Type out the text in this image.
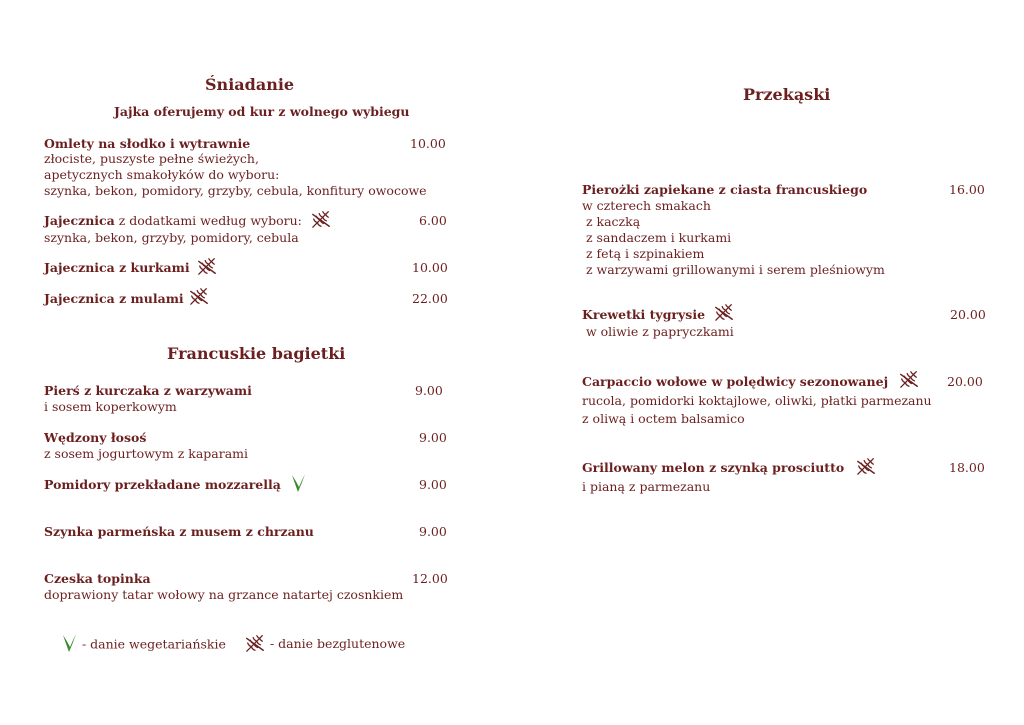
Śniadanie
Jajka oferujemy od kur z wolnego wybiegu
Omlety na słodko i wytrawnie	10.00
złociste, puszyste pełne świeżych,
apetycznych smakołyków do wyboru:
szynka, bekon, pomidory, grzyby, cebula, konfitury owocowe
Jajecznica z dodatkami według wyboru:	6.00
szynka, bekon, grzyby, pomidory, cebula
Jajecznica z kurkami	10.00
Jajecznica z mulami	22.00
Francuskie bagietki
Pierś z kurczaka z warzywami	9.00
i sosem koperkowym
Wędzony łosoś	9.00
z sosem jogurtowym z kaparami
Pomidory przekładane mozzarellą	9.00
Szynka parmeńska z musem z chrzanu	9.00
Czeska topinka	12.00
doprawiony tatar wołowy na grzance natartej czosnkiem
- danie wegetariańskie	- danie bezglutenowe
Przekąski
Pierożki zapiekane z ciasta francuskiego	16.00
w czterech smakach
z kaczką
z sandaczem i kurkami
z fetą i szpinakiem
z warzywami grillowanymi i serem pleśniowym
Krewetki tygrysie	20.00
w oliwie z papryczkami
Carpaccio wołowe w polędwicy sezonowanej	20.00
rucola, pomidorki koktajlowe, oliwki, płatki parmezanu
z oliwą i octem balsamico
Grillowany melon z szynką prosciutto	18.00
i pianą z parmezanu
